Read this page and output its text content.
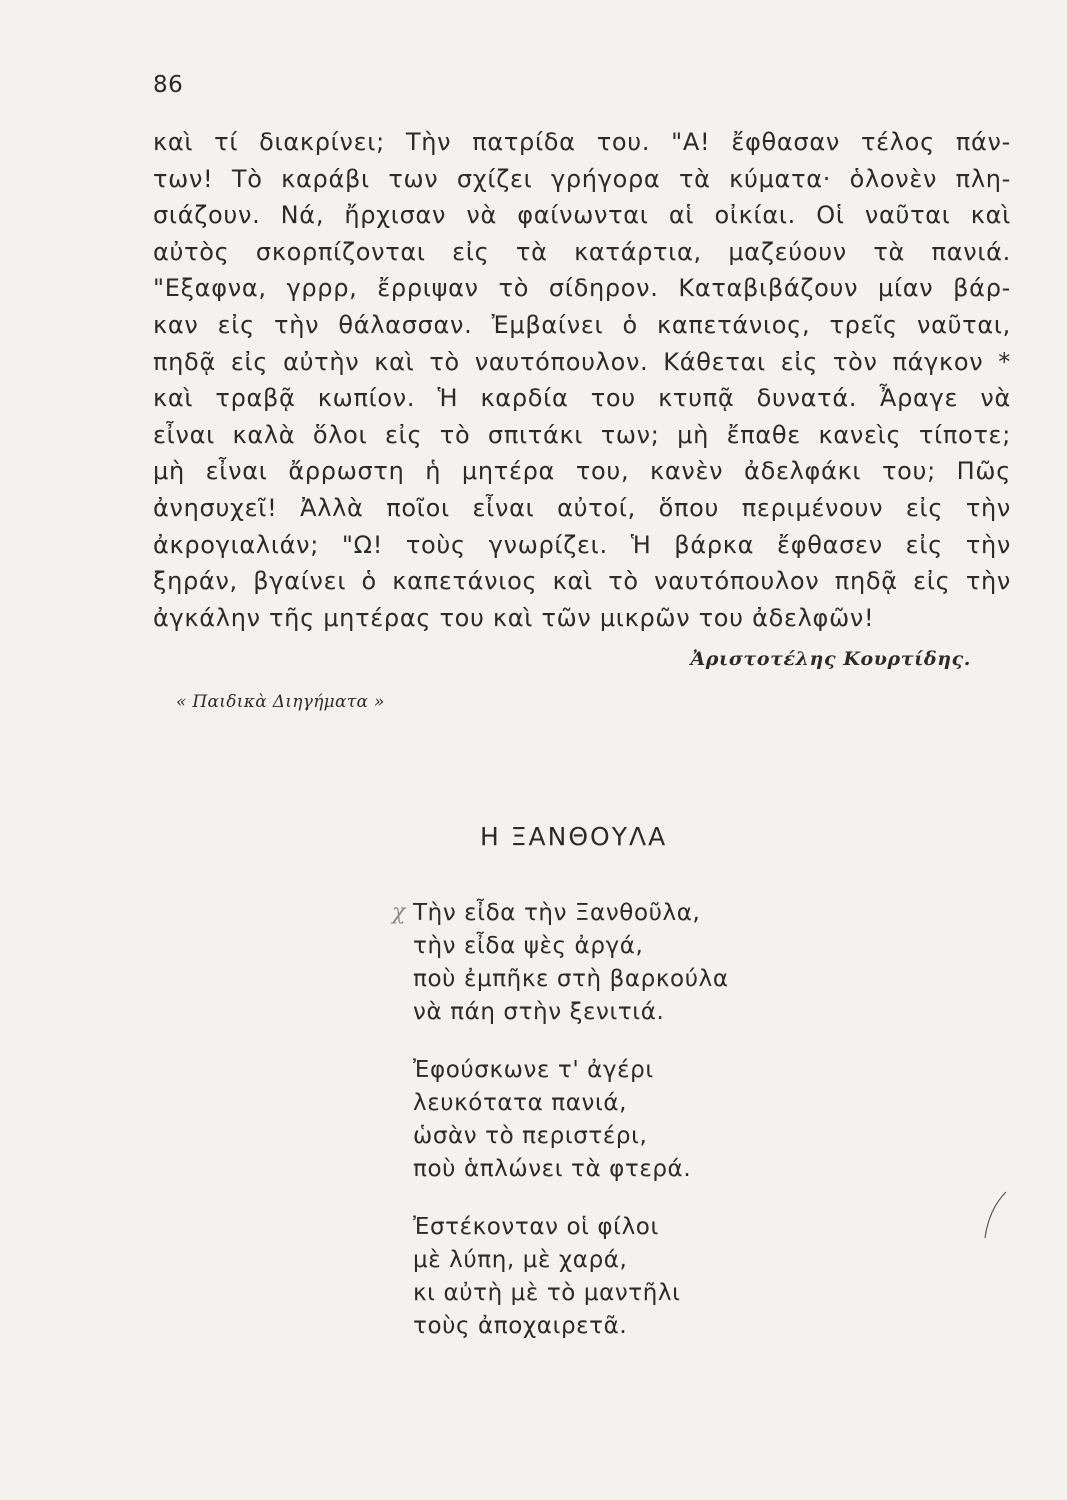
86
καὶ τί διακρίνει; Τὴν πατρίδα του. "Α! ἔφθασαν τέλος πάν-
των! Τὸ καράβι των σχίζει γρήγορα τὰ κύματα· ὁλονὲν πλη-
σιάζουν. Νά, ἤρχισαν νὰ φαίνωνται αἱ οἰκίαι. Οἱ ναῦται καὶ
αὐτὸς σκορπίζονται εἰς τὰ κατάρτια, μαζεύουν τὰ πανιά.
"Εξαφνα, γρρρ, ἔρριψαν τὸ σίδηρον. Καταβιβάζουν μίαν βάρ-
καν εἰς τὴν θάλασσαν. Ἐμβαίνει ὁ καπετάνιος, τρεῖς ναῦται,
πηδᾷ εἰς αὐτὴν καὶ τὸ ναυτόπουλον. Κάθεται εἰς τὸν πάγκον *
καὶ τραβᾷ κωπίον. Ἡ καρδία του κτυπᾷ δυνατά. Ἆραγε νὰ
εἶναι καλὰ ὅλοι εἰς τὸ σπιτάκι των; μὴ ἔπαθε κανεὶς τίποτε;
μὴ εἶναι ἄρρωστη ἡ μητέρα του, κανὲν ἀδελφάκι του; Πῶς
ἀνησυχεῖ! Ἀλλὰ ποῖοι εἶναι αὐτοί, ὅπου περιμένουν εἰς τὴν
ἀκρογιαλιάν; "Ω! τοὺς γνωρίζει. Ἡ βάρκα ἔφθασεν εἰς τὴν
ξηράν, βγαίνει ὁ καπετάνιος καὶ τὸ ναυτόπουλον πηδᾷ εἰς τὴν
ἀγκάλην τῆς μητέρας του καὶ τῶν μικρῶν του ἀδελφῶν!
Ἀριστοτέλης Κουρτίδης.
« Παιδικὰ Διηγήματα »
Η ΞΑΝΘΟΥΛΑ
χ Τὴν εἶδα τὴν Ξανθοῦλα,
τὴν εἶδα ψὲς ἀργά,
ποὺ ἐμπῆκε στὴ βαρκούλα
νὰ πάη στὴν ξενιτιά.
Ἐφούσκωνε τ' ἀγέρι
λευκότατα πανιά,
ὡσὰν τὸ περιστέρι,
ποὺ ἁπλώνει τὰ φτερά.
Ἐστέκονταν οἱ φίλοι
μὲ λύπη, μὲ χαρά,
κι αὐτὴ μὲ τὸ μαντῆλι
τοὺς ἀποχαιρετᾶ.
